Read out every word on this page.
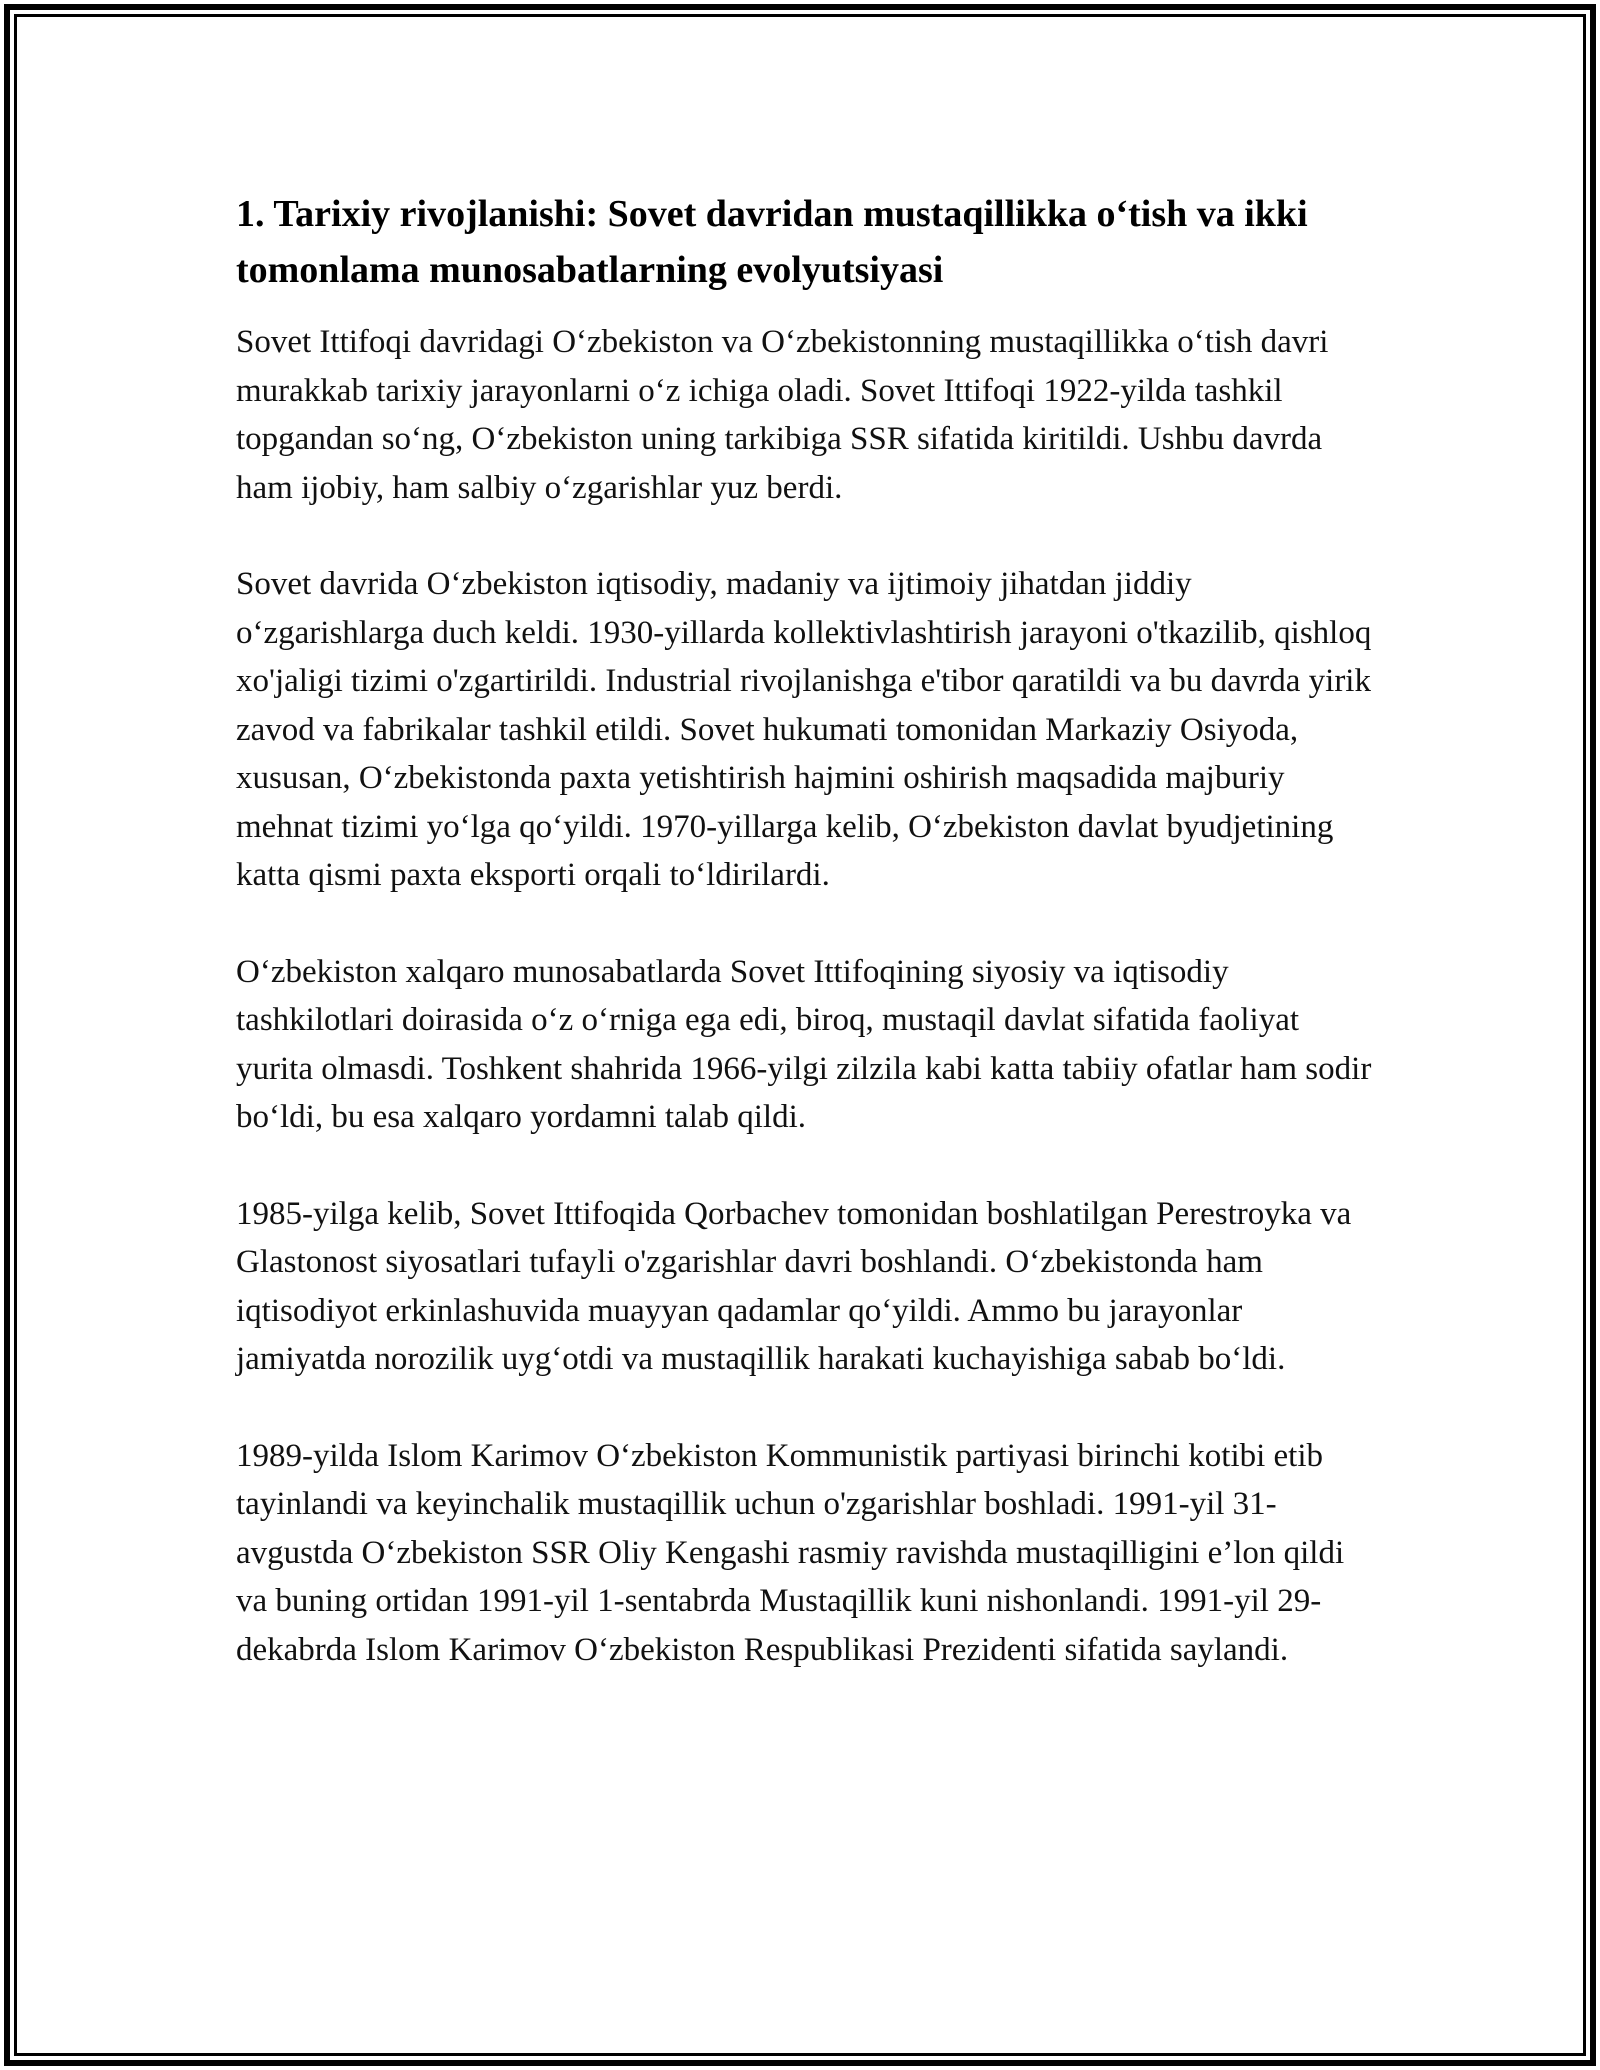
1. Tarixiy rivojlanishi: Sovet davridan mustaqillikka o‘tish va ikki tomonlama munosabatlarning evolyutsiyasi

Sovet Ittifoqi davridagi O‘zbekiston va O‘zbekistonning mustaqillikka o‘tish davri murakkab tarixiy jarayonlarni o‘z ichiga oladi. Sovet Ittifoqi 1922-yilda tashkil topgandan so‘ng, O‘zbekiston uning tarkibiga SSR sifatida kiritildi. Ushbu davrda ham ijobiy, ham salbiy o‘zgarishlar yuz berdi.

Sovet davrida O‘zbekiston iqtisodiy, madaniy va ijtimoiy jihatdan jiddiy o‘zgarishlarga duch keldi. 1930-yillarda kollektivlashtirish jarayoni o'tkazilib, qishloq xo'jaligi tizimi o'zgartirildi. Industrial rivojlanishga e'tibor qaratildi va bu davrda yirik zavod va fabrikalar tashkil etildi. Sovet hukumati tomonidan Markaziy Osiyoda, xususan, O‘zbekistonda paxta yetishtirish hajmini oshirish maqsadida majburiy mehnat tizimi yo‘lga qo‘yildi. 1970-yillarga kelib, O‘zbekiston davlat byudjetining katta qismi paxta eksporti orqali to‘ldirilardi.

O‘zbekiston xalqaro munosabatlarda Sovet Ittifoqining siyosiy va iqtisodiy tashkilotlari doirasida o‘z o‘rniga ega edi, biroq, mustaqil davlat sifatida faoliyat yurita olmasdi. Toshkent shahrida 1966-yilgi zilzila kabi katta tabiiy ofatlar ham sodir bo‘ldi, bu esa xalqaro yordamni talab qildi.

1985-yilga kelib, Sovet Ittifoqida Qorbachev tomonidan boshlatilgan Perestroyka va Glastonost siyosatlari tufayli o'zgarishlar davri boshlandi. O‘zbekistonda ham iqtisodiyot erkinlashuvida muayyan qadamlar qo‘yildi. Ammo bu jarayonlar jamiyatda norozilik uyg‘otdi va mustaqillik harakati kuchayishiga sabab bo‘ldi.

1989-yilda Islom Karimov O‘zbekiston Kommunistik partiyasi birinchi kotibi etib tayinlandi va keyinchalik mustaqillik uchun o'zgarishlar boshladi. 1991-yil 31-avgustda O‘zbekiston SSR Oliy Kengashi rasmiy ravishda mustaqilligini e’lon qildi va buning ortidan 1991-yil 1-sentabrda Mustaqillik kuni nishonlandi. 1991-yil 29-dekabrda Islom Karimov O‘zbekiston Respublikasi Prezidenti sifatida saylandi.
